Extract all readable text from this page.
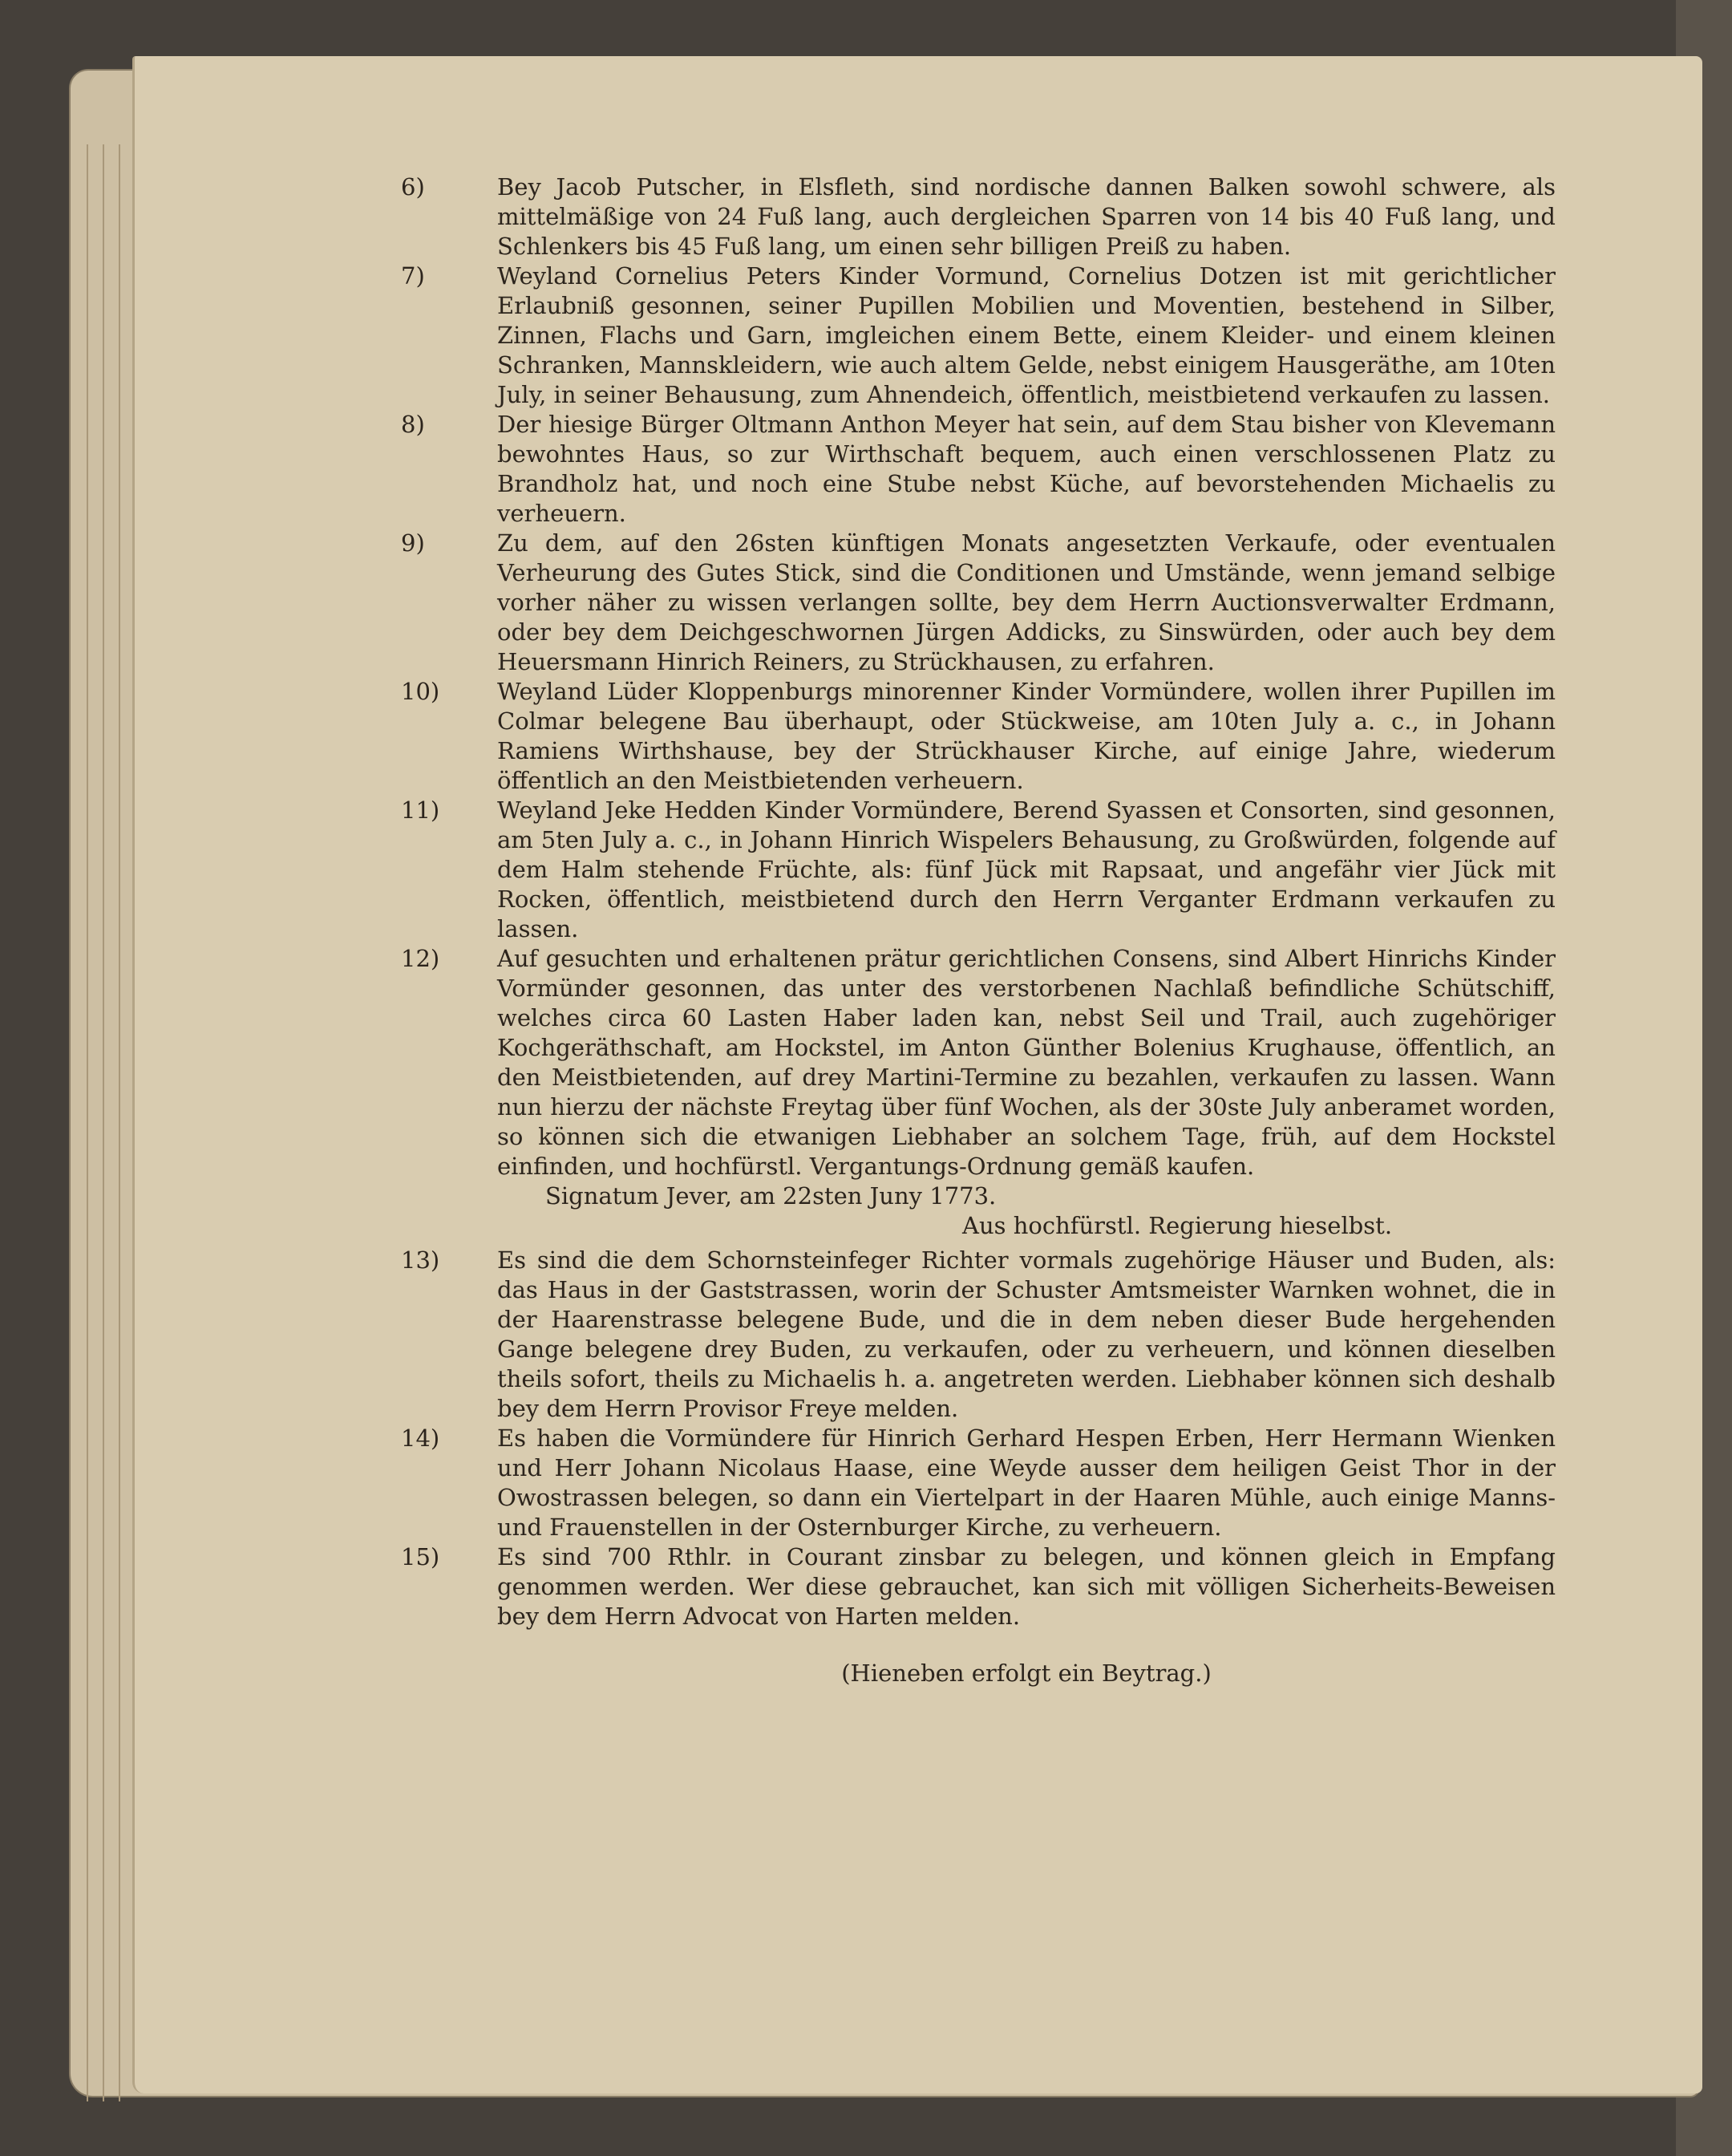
6)	Bey Jacob Putscher, in Elsfleth, sind nordische dannen Balken sowohl schwere, als mittelmäßige von 24 Fuß lang, auch dergleichen Sparren von 14 bis 40 Fuß lang, und Schlenkers bis 45 Fuß lang, um einen sehr billigen Preiß zu haben.
7)	Weyland Cornelius Peters Kinder Vormund, Cornelius Dotzen ist mit gerichtlicher Erlaubniß gesonnen, seiner Pupillen Mobilien und Moventien, bestehend in Silber, Zinnen, Flachs und Garn, imgleichen einem Bette, einem Kleider- und einem kleinen Schranken, Mannskleidern, wie auch altem Gelde, nebst einigem Hausgeräthe, am 10ten July, in seiner Behausung, zum Ahnendeich, öffentlich, meistbietend verkaufen zu lassen.
8)	Der hiesige Bürger Oltmann Anthon Meyer hat sein, auf dem Stau bisher von Klevemann bewohntes Haus, so zur Wirthschaft bequem, auch einen verschlossenen Platz zu Brandholz hat, und noch eine Stube nebst Küche, auf bevorstehenden Michaelis zu verheuern.
9)	Zu dem, auf den 26sten künftigen Monats angesetzten Verkaufe, oder eventualen Verheurung des Gutes Stick, sind die Conditionen und Umstände, wenn jemand selbige vorher näher zu wissen verlangen sollte, bey dem Herrn Auctionsverwalter Erdmann, oder bey dem Deichgeschwornen Jürgen Addicks, zu Sinswürden, oder auch bey dem Heuersmann Hinrich Reiners, zu Strückhausen, zu erfahren.
10)	Weyland Lüder Kloppenburgs minorenner Kinder Vormündere, wollen ihrer Pupillen im Colmar belegene Bau überhaupt, oder Stückweise, am 10ten July a. c., in Johann Ramiens Wirthshause, bey der Strückhauser Kirche, auf einige Jahre, wiederum öffentlich an den Meistbietenden verheuern.
11)	Weyland Jeke Hedden Kinder Vormündere, Berend Syassen et Consorten, sind gesonnen, am 5ten July a. c., in Johann Hinrich Wispelers Behausung, zu Großwürden, folgende auf dem Halm stehende Früchte, als: fünf Jück mit Rapsaat, und angefähr vier Jück mit Rocken, öffentlich, meistbietend durch den Herrn Verganter Erdmann verkaufen zu lassen.
12)	Auf gesuchten und erhaltenen prätur gerichtlichen Consens, sind Albert Hinrichs Kinder Vormünder gesonnen, das unter des verstorbenen Nachlaß befindliche Schütschiff, welches circa 60 Lasten Haber laden kan, nebst Seil und Trail, auch zugehöriger Kochgeräthschaft, am Hockstel, im Anton Günther Bolenius Krughause, öffentlich, an den Meistbietenden, auf drey Martini-Termine zu bezahlen, verkaufen zu lassen. Wann nun hierzu der nächste Freytag über fünf Wochen, als der 30ste July anberamet worden, so können sich die etwanigen Liebhaber an solchem Tage, früh, auf dem Hockstel einfinden, und hochfürstl. Vergantungs-Ordnung gemäß kaufen.
Signatum Jever, am 22sten Juny 1773.
Aus hochfürstl. Regierung hieselbst.
13)	Es sind die dem Schornsteinfeger Richter vormals zugehörige Häuser und Buden, als: das Haus in der Gaststrassen, worin der Schuster Amtsmeister Warnken wohnet, die in der Haarenstrasse belegene Bude, und die in dem neben dieser Bude hergehenden Gange belegene drey Buden, zu verkaufen, oder zu verheuern, und können dieselben theils sofort, theils zu Michaelis h. a. angetreten werden. Liebhaber können sich deshalb bey dem Herrn Provisor Freye melden.
14)	Es haben die Vormündere für Hinrich Gerhard Hespen Erben, Herr Hermann Wienken und Herr Johann Nicolaus Haase, eine Weyde ausser dem heiligen Geist Thor in der Owostrassen belegen, so dann ein Viertelpart in der Haaren Mühle, auch einige Manns- und Frauenstellen in der Osternburger Kirche, zu verheuern.
15)	Es sind 700 Rthlr. in Courant zinsbar zu belegen, und können gleich in Empfang genommen werden. Wer diese gebrauchet, kan sich mit völligen Sicherheits-Beweisen bey dem Herrn Advocat von Harten melden.
(Hieneben erfolgt ein Beytrag.)
